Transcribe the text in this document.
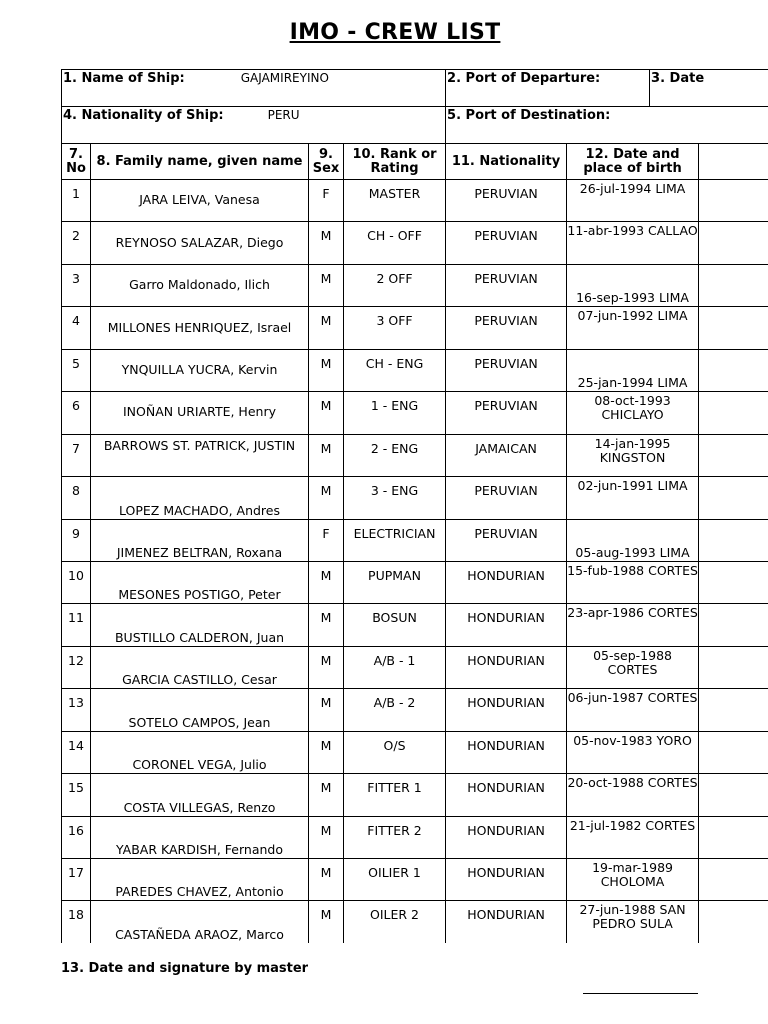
IMO - CREW LIST
1. Name of Ship: GAJAMIREYINO				2. Port of Departure:		3. Date	

4. Nationality of Ship: PERU				5. Port of Destination:			

7. No	8. Family name, given name	9. Sex	10. Rank or Rating	11. Nationality	12. Date and place of birth		
1	JARA LEIVA, Vanesa	F	MASTER	PERUVIAN	26-jul-1994 LIMA		
2	REYNOSO SALAZAR, Diego	M	CH - OFF	PERUVIAN	11-abr-1993 CALLAO		
3	Garro Maldonado, Ilich	M	2 OFF	PERUVIAN	16-sep-1993 LIMA		
4	MILLONES HENRIQUEZ, Israel	M	3 OFF	PERUVIAN	07-jun-1992 LIMA		
5	YNQUILLA YUCRA, Kervin	M	CH - ENG	PERUVIAN	25-jan-1994 LIMA		
6	INOÑAN URIARTE, Henry	M	1 - ENG	PERUVIAN	08-oct-1993 CHICLAYO		
7	BARROWS ST. PATRICK, JUSTIN	M	2 - ENG	JAMAICAN	14-jan-1995 KINGSTON		
8	LOPEZ MACHADO, Andres	M	3 - ENG	PERUVIAN	02-jun-1991 LIMA		
9	JIMENEZ BELTRAN, Roxana	F	ELECTRICIAN	PERUVIAN	05-aug-1993 LIMA		
10	MESONES POSTIGO, Peter	M	PUPMAN	HONDURIAN	15-fub-1988 CORTES		
11	BUSTILLO CALDERON, Juan	M	BOSUN	HONDURIAN	23-apr-1986 CORTES		
12	GARCIA CASTILLO, Cesar	M	A/B - 1	HONDURIAN	05-sep-1988 CORTES		
13	SOTELO CAMPOS, Jean	M	A/B - 2	HONDURIAN	06-jun-1987 CORTES		
14	CORONEL VEGA, Julio	M	O/S	HONDURIAN	05-nov-1983 YORO		
15	COSTA VILLEGAS, Renzo	M	FITTER 1	HONDURIAN	20-oct-1988 CORTES		
16	YABAR KARDISH, Fernando	M	FITTER 2	HONDURIAN	21-jul-1982 CORTES		
17	PAREDES CHAVEZ, Antonio	M	OILIER 1	HONDURIAN	19-mar-1989 CHOLOMA		
18	CASTAÑEDA ARAOZ, Marco	M	OILER 2	HONDURIAN	27-jun-1988 SAN PEDRO SULA		

13. Date and signature by master
